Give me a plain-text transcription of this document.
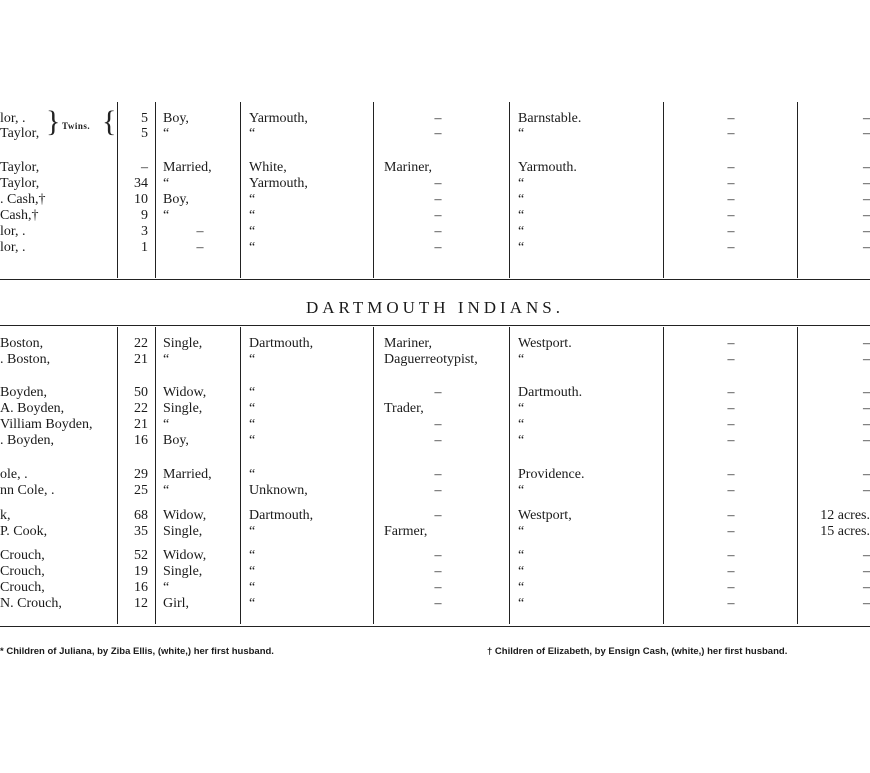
lor, .	5 Boy,	Yarmouth,	–	Barnstable.	–	–
Taylor,	5 “	“	–	“	–	–
Taylor,	– Married,	White,	Mariner,	Yarmouth.	–	–
Taylor,	34 “	Yarmouth,	–	“	–	–
. Cash,†	10 Boy,	“	–	“	–	–
Cash,†	9 “	“	–	“	–	–
lor, .	3	–	“	–	“	–	–
lor, .	1	–	“	–	“	–	–
Twins.
} {
DARTMOUTH INDIANS.
Boston,	22 Single,	Dartmouth,	Mariner,	Westport.	–	–
. Boston,	21 “	“	Daguerreotypist,	“	–	–
Boyden,	50 Widow,	“	–	Dartmouth.	–	–
A. Boyden,	22 Single,	“	Trader,	“	–	–
Villiam Boyden,	21 “	“	–	“	–	–
. Boyden,	16 Boy,	“	–	“	–	–
ole, .	29 Married,	“	–	Providence.	–	–
nn Cole, .	25 “	Unknown,	–	“	–	–
k,	68 Widow,	Dartmouth,	–	Westport,	–	12 acres.
P. Cook,	35 Single,	“	Farmer,	“	–	15 acres.
Crouch,	52 Widow,	“	–	“	–	–
Crouch,	19 Single,	“	–	“	–	–
Crouch,	16 “	“	–	“	–	–
N. Crouch,	12 Girl,	“	–	“	–	–
* Children of Juliana, by Ziba Ellis, (white,) her first husband.	† Children of Elizabeth, by Ensign Cash, (white,) her first husband.
